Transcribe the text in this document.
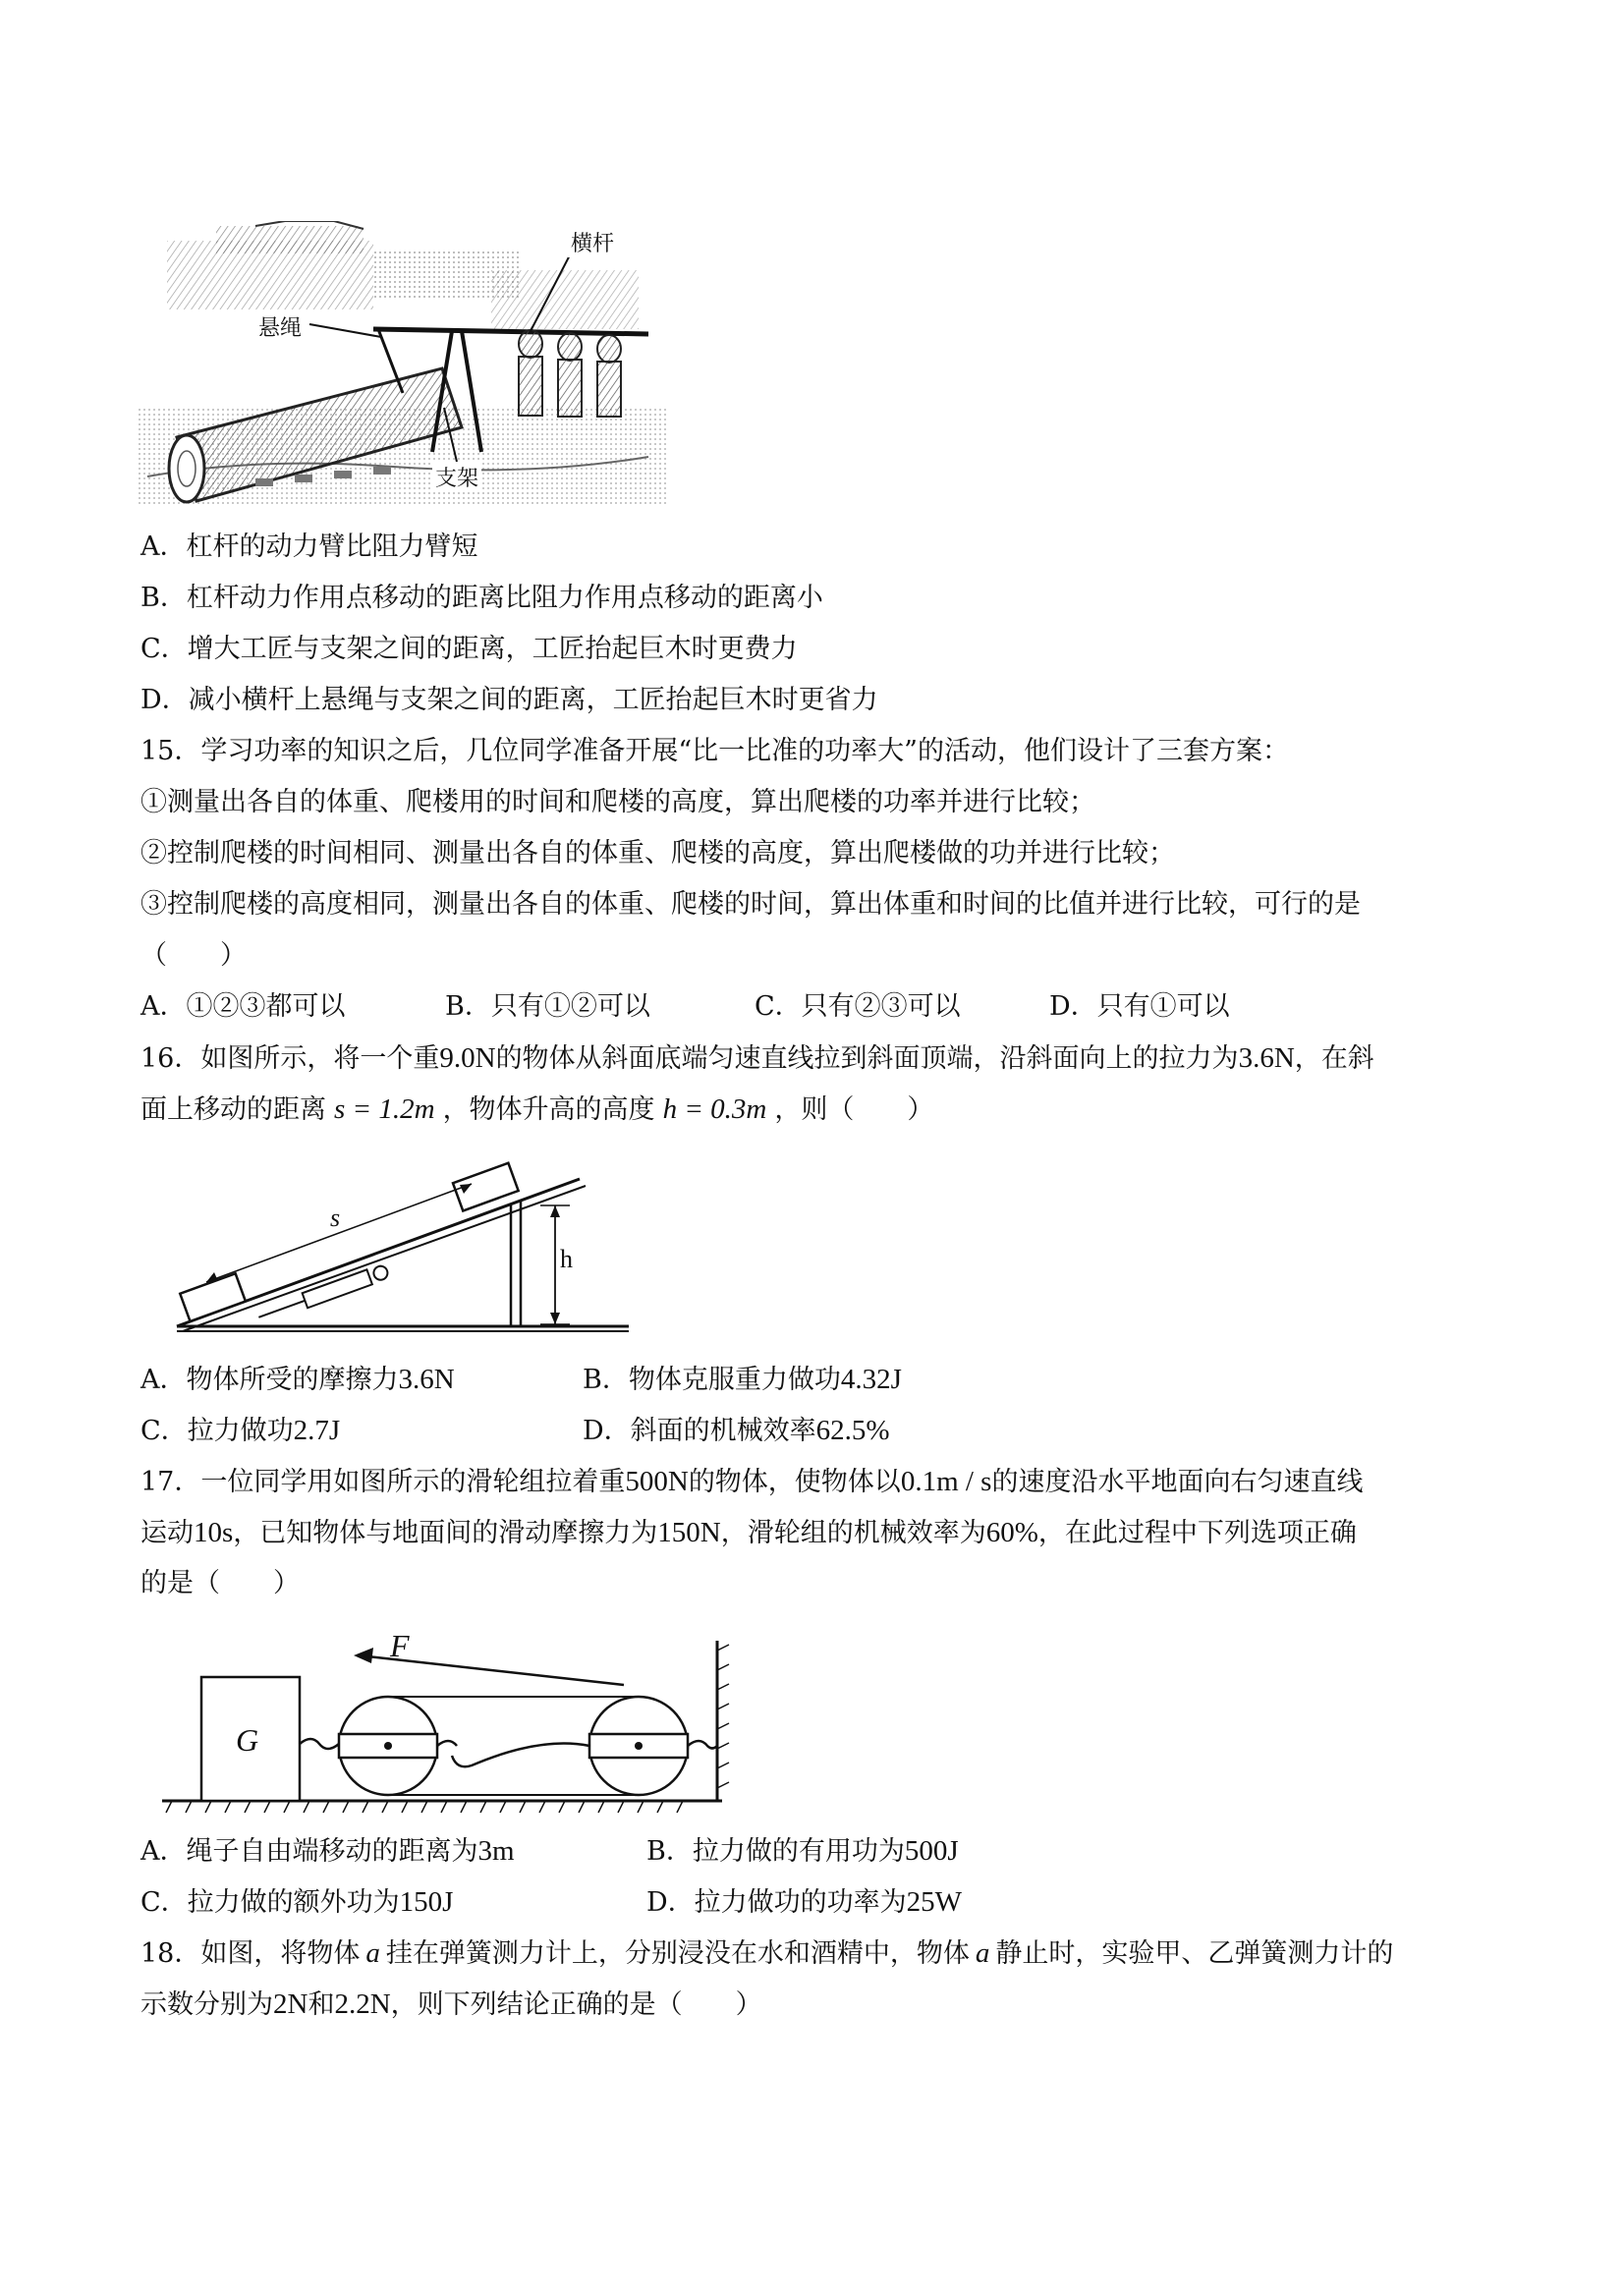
横杆
悬绳
支架
A．杠杆的动力臂比阻力臂短
B．杠杆动力作用点移动的距离比阻力作用点移动的距离小
C．增大工匠与支架之间的距离，工匠抬起巨木时更费力
D．减小横杆上悬绳与支架之间的距离，工匠抬起巨木时更省力
15．学习功率的知识之后，几位同学准备开展“比一比准的功率大”的活动，他们设计了三套方案：
①测量出各自的体重、爬楼用的时间和爬楼的高度，算出爬楼的功率并进行比较；
②控制爬楼的时间相同、测量出各自的体重、爬楼的高度，算出爬楼做的功并进行比较；
③控制爬楼的高度相同，测量出各自的体重、爬楼的时间，算出体重和时间的比值并进行比较，可行的是
（　　）
A．①②③都可以	B．只有①②可以	C．只有②③可以	D．只有①可以
16．如图所示，将一个重9.0N的物体从斜面底端匀速直线拉到斜面顶端，沿斜面向上的拉力为3.6N，在斜
面上移动的距离 s = 1.2m ，物体升高的高度 h = 0.3m ，则（　　）
s
h
A．物体所受的摩擦力3.6N	B．物体克服重力做功4.32J
C．拉力做功2.7J	D．斜面的机械效率62.5%
17．一位同学用如图所示的滑轮组拉着重500N的物体，使物体以0.1m / s的速度沿水平地面向右匀速直线
运动10s，已知物体与地面间的滑动摩擦力为150N，滑轮组的机械效率为60%，在此过程中下列选项正确
的是（　　）
F
G
A．绳子自由端移动的距离为3m	B．拉力做的有用功为500J
C．拉力做的额外功为150J	D．拉力做功的功率为25W
18．如图，将物体 a 挂在弹簧测力计上，分别浸没在水和酒精中，物体 a 静止时，实验甲、乙弹簧测力计的
示数分别为2N和2.2N，则下列结论正确的是（　　）
